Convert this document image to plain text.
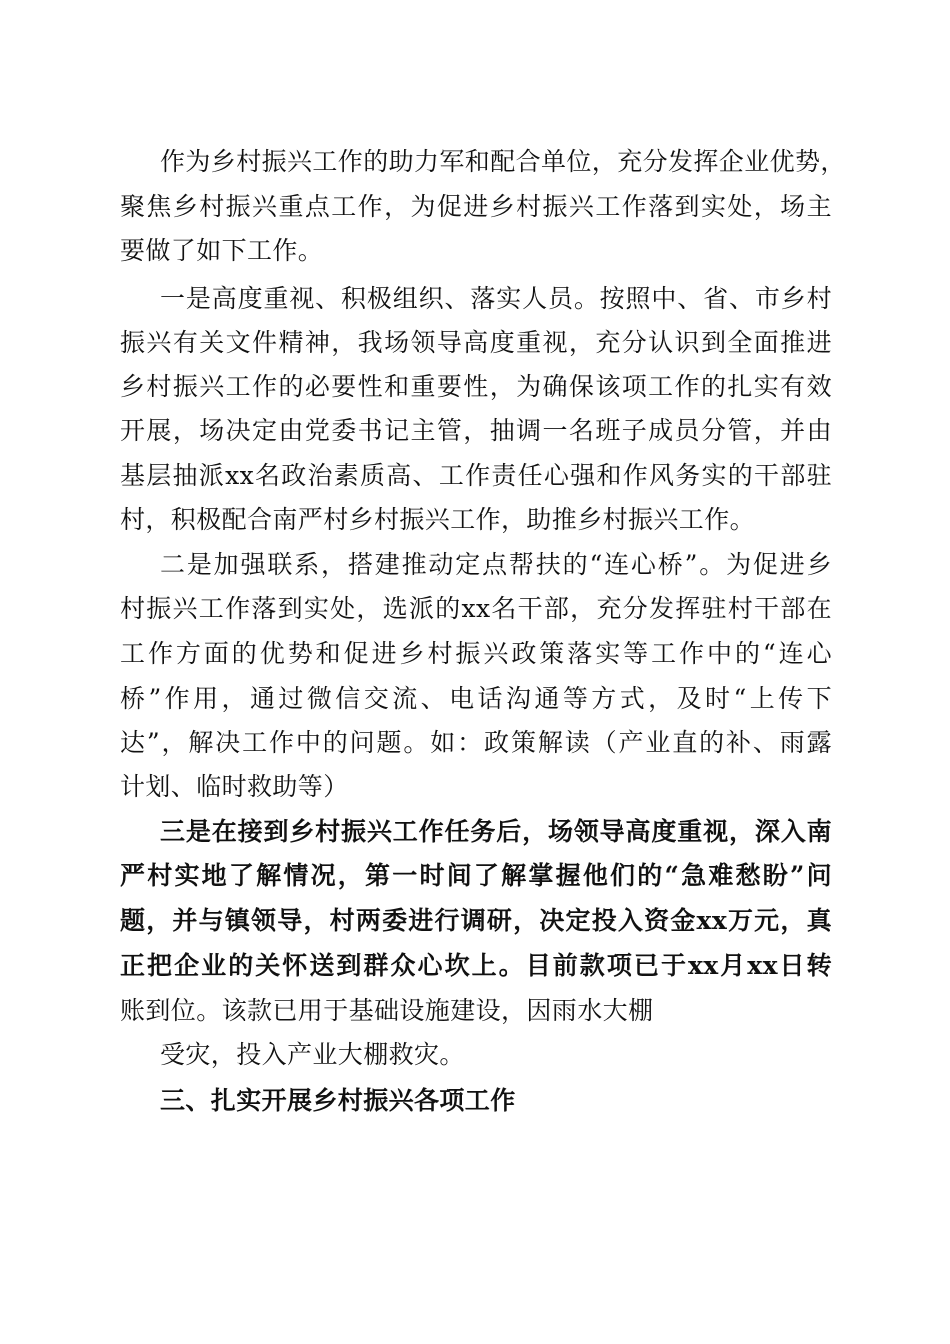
作为乡村振兴工作的助力军和配合单位，充分发挥企业优势，
聚焦乡村振兴重点工作，为促进乡村振兴工作落到实处，场主
要做了如下工作。
一是高度重视、积极组织、落实人员。按照中、省、市乡村
振兴有关文件精神，我场领导高度重视，充分认识到全面推进
乡村振兴工作的必要性和重要性，为确保该项工作的扎实有效
开展，场决定由党委书记主管，抽调一名班子成员分管，并由
基层抽派xx名政治素质高、工作责任心强和作风务实的干部驻
村，积极配合南严村乡村振兴工作，助推乡村振兴工作。
二是加强联系，搭建推动定点帮扶的“连心桥”。为促进乡
村振兴工作落到实处，选派的xx名干部，充分发挥驻村干部在
工作方面的优势和促进乡村振兴政策落实等工作中的“连心
桥”作用，通过微信交流、电话沟通等方式，及时“上传下
达”，解决工作中的问题。如：政策解读（产业直的补、雨露
计划、临时救助等）
三是在接到乡村振兴工作任务后，场领导高度重视，深入南
严村实地了解情况，第一时间了解掌握他们的“急难愁盼”问
题，并与镇领导，村两委进行调研，决定投入资金xx万元，真
正把企业的关怀送到群众心坎上。目前款项已于xx月xx日转
账到位。该款已用于基础设施建设，因雨水大棚
受灾，投入产业大棚救灾。
三、扎实开展乡村振兴各项工作
